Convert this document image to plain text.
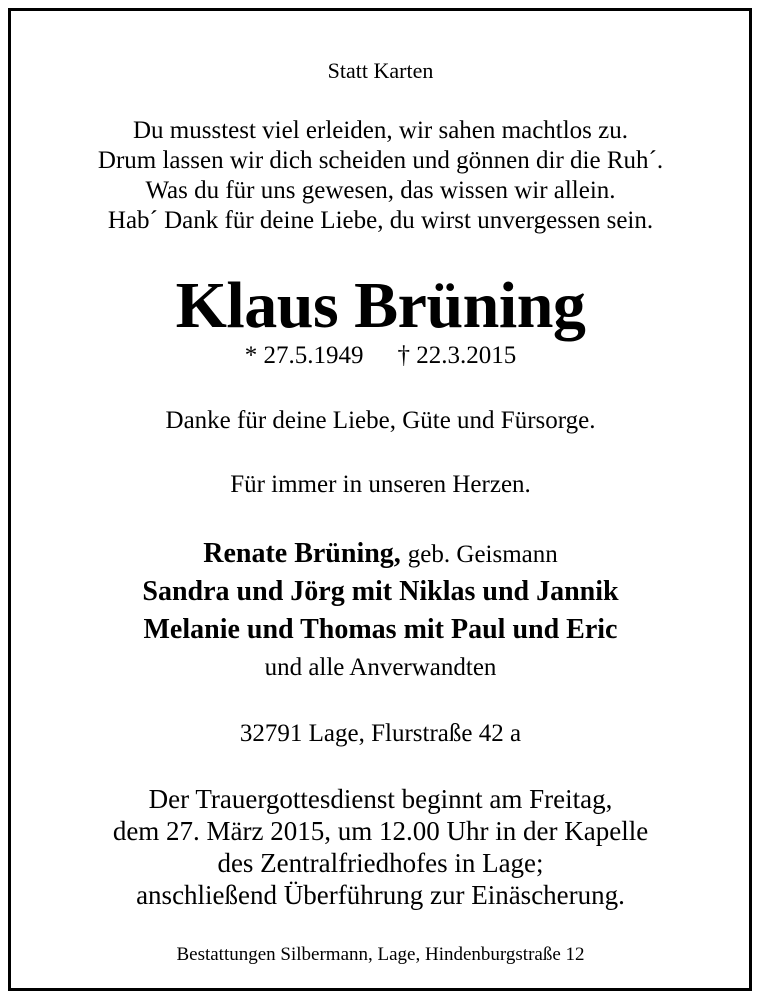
Statt Karten
Du musstest viel erleiden, wir sahen machtlos zu.
Drum lassen wir dich scheiden und gönnen dir die Ruh´.
Was du für uns gewesen, das wissen wir allein.
Hab´ Dank für deine Liebe, du wirst unvergessen sein.
Klaus Brüning
* 27.5.1949 † 22.3.2015
Danke für deine Liebe, Güte und Fürsorge.
Für immer in unseren Herzen.
Renate Brüning, geb. Geismann
Sandra und Jörg mit Niklas und Jannik
Melanie und Thomas mit Paul und Eric
und alle Anverwandten
32791 Lage, Flurstraße 42 a
Der Trauergottesdienst beginnt am Freitag,
dem 27. März 2015, um 12.00 Uhr in der Kapelle
des Zentralfriedhofes in Lage;
anschließend Überführung zur Einäscherung.
Bestattungen Silbermann, Lage, Hindenburgstraße 12
